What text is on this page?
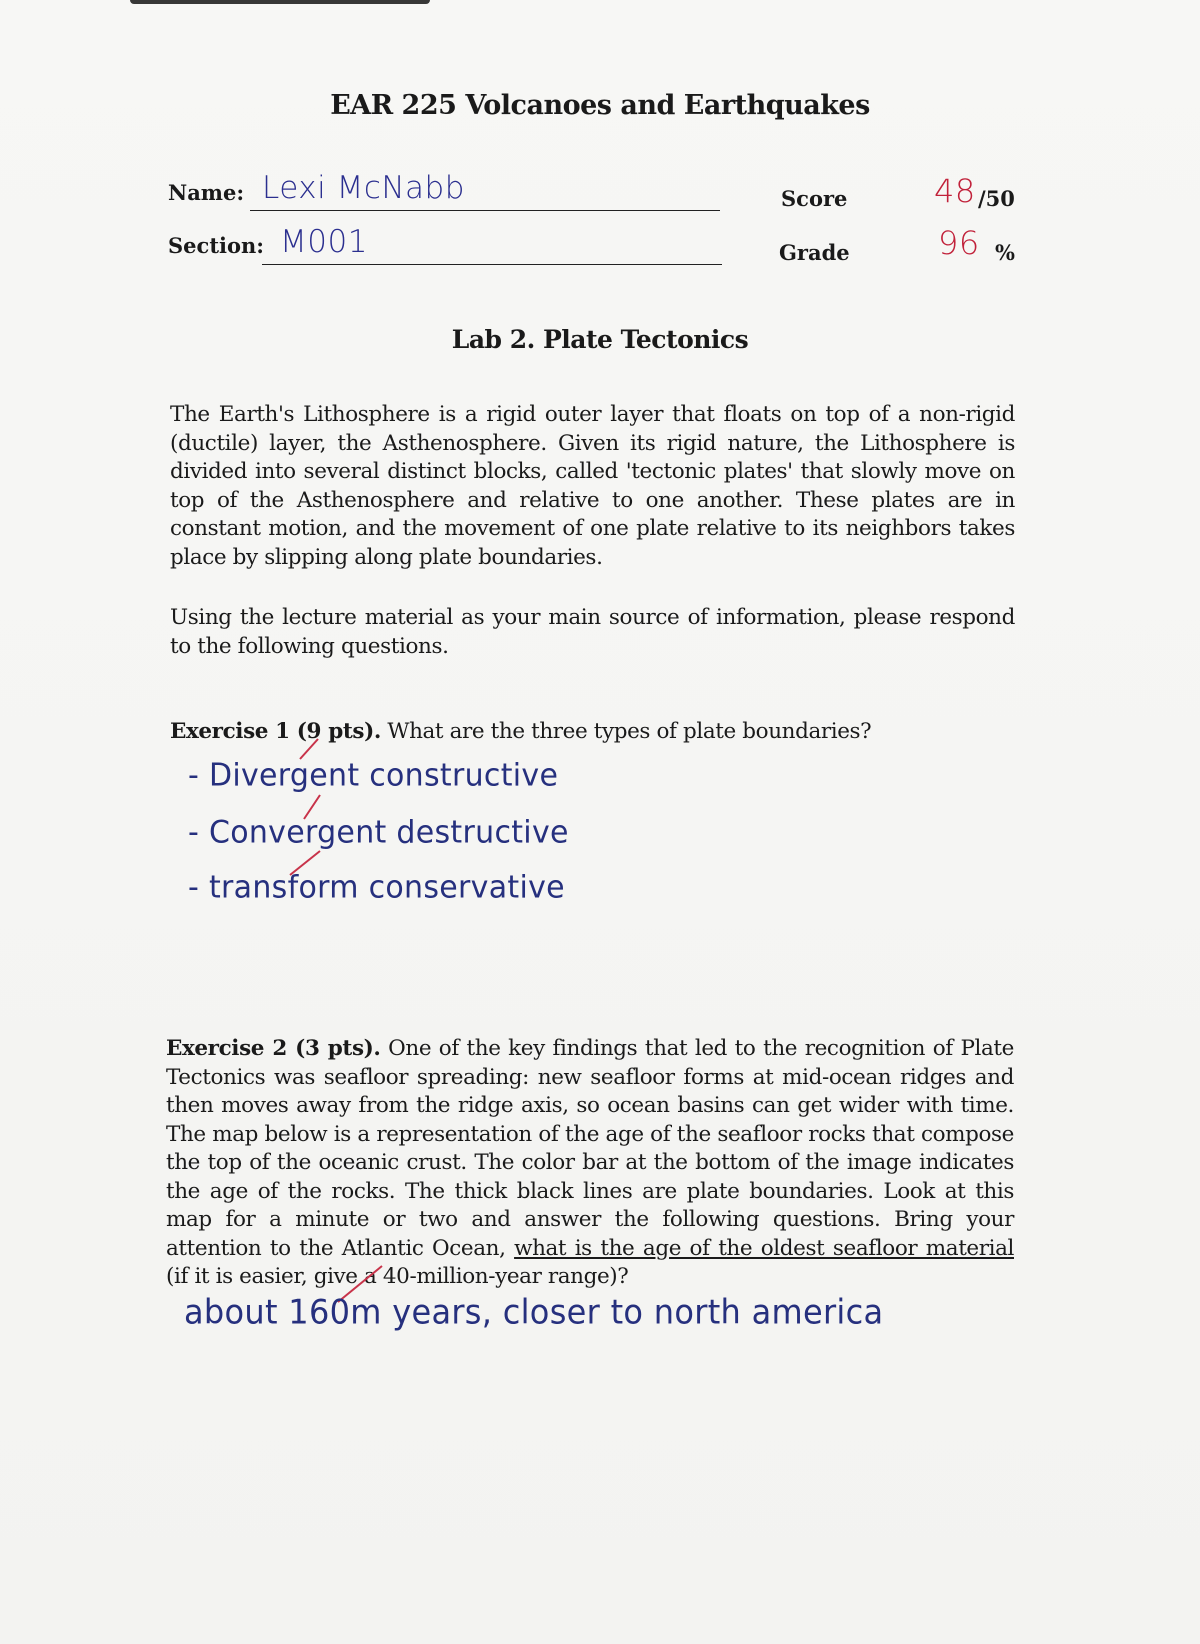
EAR 225 Volcanoes and Earthquakes
Name: Lexi McNabb
Section: M001
Score	48 /50
Grade	96 %
Lab 2. Plate Tectonics
The Earth's Lithosphere is a rigid outer layer that floats on top of a non-rigid (ductile) layer, the Asthenosphere. Given its rigid nature, the Lithosphere is divided into several distinct blocks, called 'tectonic plates' that slowly move on top of the Asthenosphere and relative to one another. These plates are in constant motion, and the movement of one plate relative to its neighbors takes place by slipping along plate boundaries.
Using the lecture material as your main source of information, please respond to the following questions.
Exercise 1 (9 pts). What are the three types of plate boundaries?
- Divergent constructive
- Convergent destructive
- transform conservative
Exercise 2 (3 pts). One of the key findings that led to the recognition of Plate Tectonics was seafloor spreading: new seafloor forms at mid-ocean ridges and then moves away from the ridge axis, so ocean basins can get wider with time. The map below is a representation of the age of the seafloor rocks that compose the top of the oceanic crust. The color bar at the bottom of the image indicates the age of the rocks. The thick black lines are plate boundaries. Look at this map for a minute or two and answer the following questions. Bring your attention to the Atlantic Ocean, what is the age of the oldest seafloor material (if it is easier, give a 40-million-year range)?
about 160m years, closer to north america
